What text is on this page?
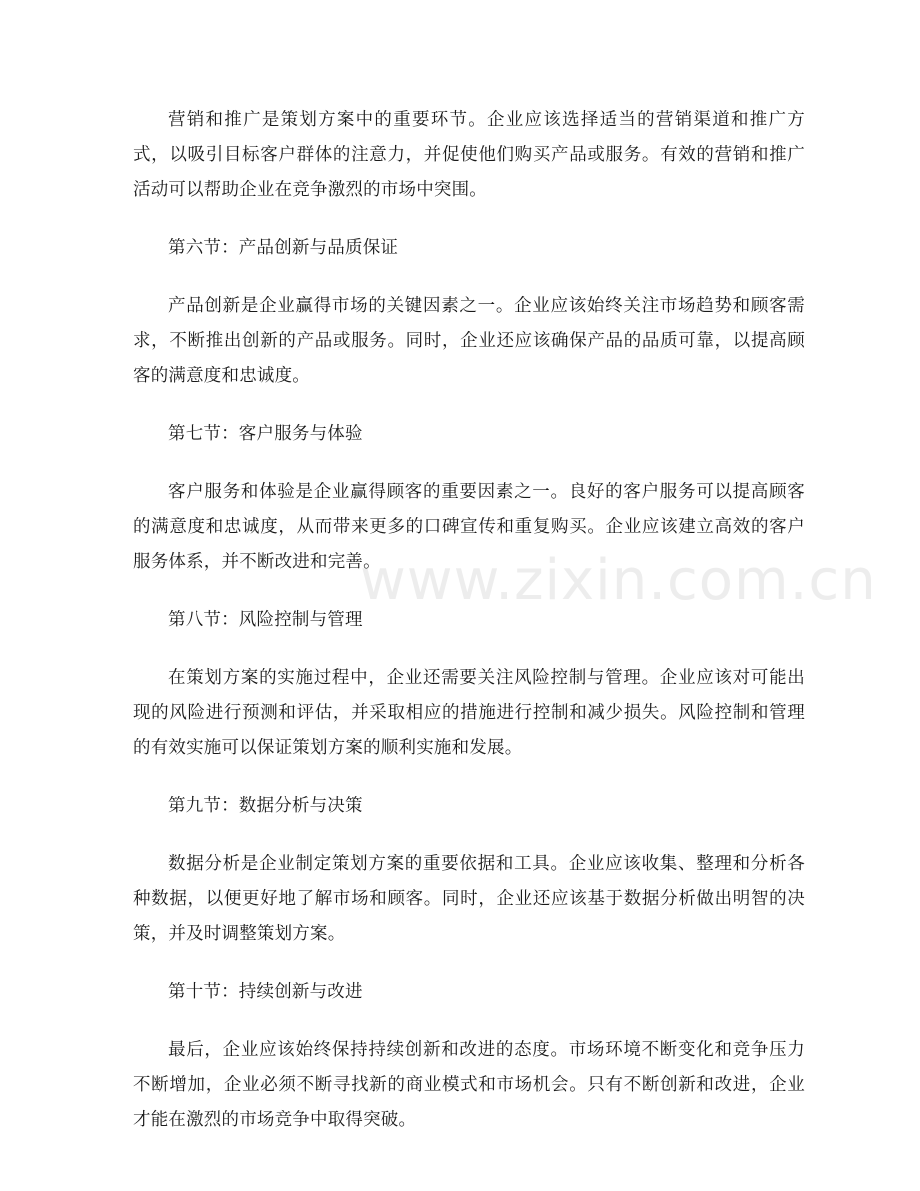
营销和推广是策划方案中的重要环节。企业应该选择适当的营销渠道和推广方式，以吸引目标客户群体的注意力，并促使他们购买产品或服务。有效的营销和推广活动可以帮助企业在竞争激烈的市场中突围。

第六节：产品创新与品质保证

产品创新是企业赢得市场的关键因素之一。企业应该始终关注市场趋势和顾客需求，不断推出创新的产品或服务。同时，企业还应该确保产品的品质可靠，以提高顾客的满意度和忠诚度。

第七节：客户服务与体验

客户服务和体验是企业赢得顾客的重要因素之一。良好的客户服务可以提高顾客的满意度和忠诚度，从而带来更多的口碑宣传和重复购买。企业应该建立高效的客户服务体系，并不断改进和完善。

第八节：风险控制与管理

在策划方案的实施过程中，企业还需要关注风险控制与管理。企业应该对可能出现的风险进行预测和评估，并采取相应的措施进行控制和减少损失。风险控制和管理的有效实施可以保证策划方案的顺利实施和发展。

第九节：数据分析与决策

数据分析是企业制定策划方案的重要依据和工具。企业应该收集、整理和分析各种数据，以便更好地了解市场和顾客。同时，企业还应该基于数据分析做出明智的决策，并及时调整策划方案。

第十节：持续创新与改进

最后，企业应该始终保持持续创新和改进的态度。市场环境不断变化和竞争压力不断增加，企业必须不断寻找新的商业模式和市场机会。只有不断创新和改进，企业才能在激烈的市场竞争中取得突破。

www.zixin.com.cn
